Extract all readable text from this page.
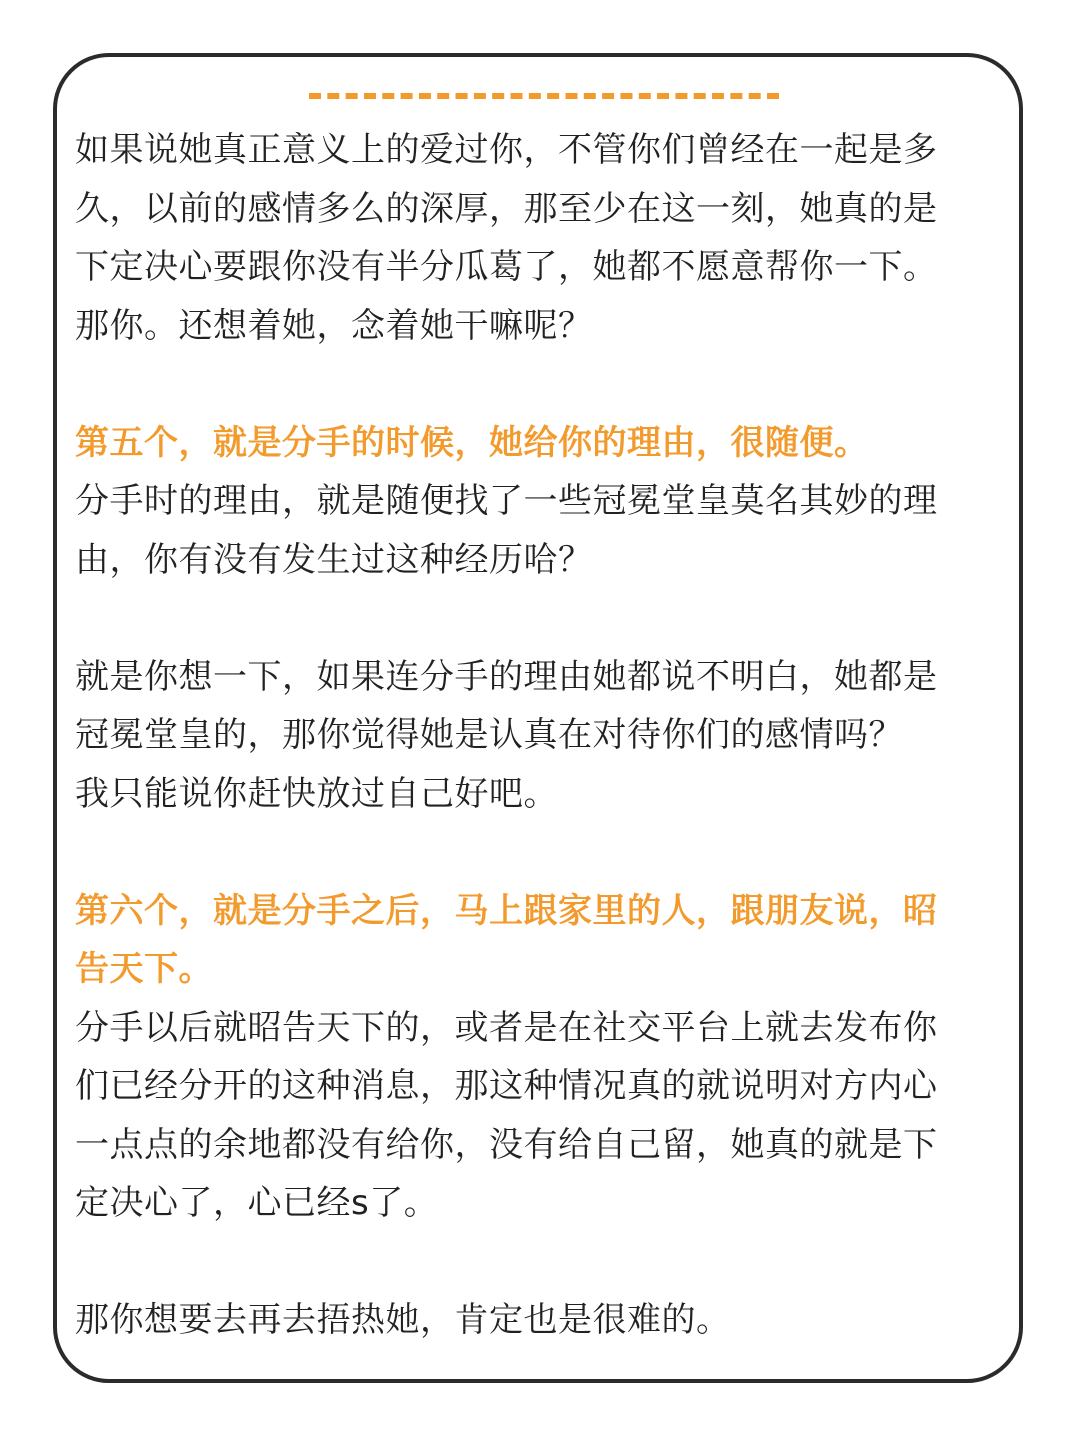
如果说她真正意义上的爱过你，不管你们曾经在一起是多
久，以前的感情多么的深厚，那至少在这一刻，她真的是
下定决心要跟你没有半分瓜葛了，她都不愿意帮你一下。
那你。还想着她，念着她干嘛呢？

第五个，就是分手的时候，她给你的理由，很随便。

分手时的理由，就是随便找了一些冠冕堂皇莫名其妙的理
由，你有没有发生过这种经历哈？

就是你想一下，如果连分手的理由她都说不明白，她都是
冠冕堂皇的，那你觉得她是认真在对待你们的感情吗？
我只能说你赶快放过自己好吧。

第六个，就是分手之后，马上跟家里的人，跟朋友说，昭
告天下。

分手以后就昭告天下的，或者是在社交平台上就去发布你
们已经分开的这种消息，那这种情况真的就说明对方内心
一点点的余地都没有给你，没有给自己留，她真的就是下
定决心了，心已经s了。

那你想要去再去捂热她，肯定也是很难的。
